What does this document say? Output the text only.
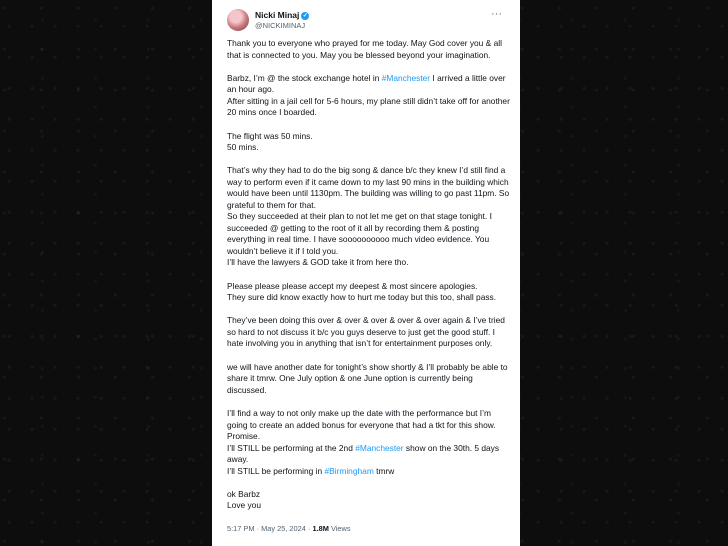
Nicki Minaj ✓
@NICKIMINAJ
···

Thank you to everyone who prayed for me today. May God cover you & all that is connected to you. May you be blessed beyond your imagination.

Barbz, I’m @ the stock exchange hotel in #Manchester I arrived a little over an hour ago.

After sitting in a jail cell for 5-6 hours, my plane still didn’t take off for another 20 mins once I boarded.

The flight was 50 mins.

50 mins.

That’s why they had to do the big song & dance b/c they knew I’d still find a way to perform even if it came down to my last 90 mins in the building which would have been until 1130pm. The building was willing to go past 11pm. So grateful to them for that.

So they succeeded at their plan to not let me get on that stage tonight. I succeeded @ getting to the root of it all by recording them & posting everything in real time. I have soooooooooo much video evidence. You wouldn’t believe it if I told you.

I’ll have the lawyers & GOD take it from here tho.

Please please please accept my deepest & most sincere apologies.

They sure did know exactly how to hurt me today but this too, shall pass.

They’ve been doing this over & over & over & over & over again & I’ve tried so hard to not discuss it b/c you guys deserve to just get the good stuff. I hate involving you in anything that isn’t for entertainment purposes only.

we will have another date for tonight’s show shortly & I’ll probably be able to share it tmrw. One July option & one June option is currently being discussed.

I’ll find a way to not only make up the date with the performance but I’m going to create an added bonus for everyone that had a tkt for this show. Promise.

I’ll STILL be performing at the 2nd #Manchester show on the 30th. 5 days away.

I’ll STILL be performing in #Birmingham tmrw

ok Barbz

Love you

5:17 PM · May 25, 2024 · 1.8M Views
